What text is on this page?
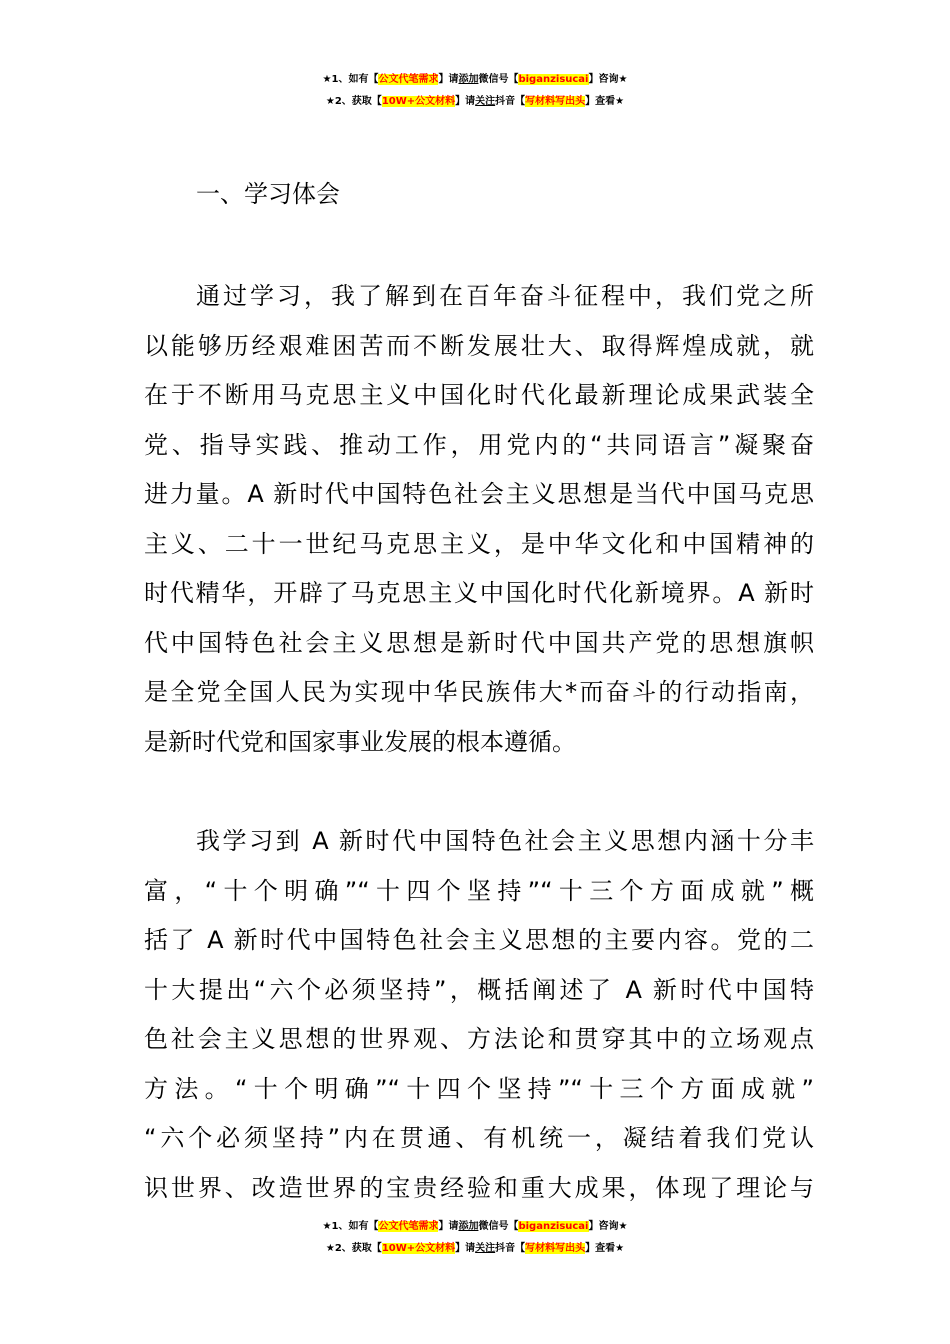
★1、如有【公文代笔需求】请添加微信号【biganzisucai】咨询★
★2、获取【10W+公文材料】请关注抖音【写材料写出头】查看★
一、学习体会
通过学习，我了解到在百年奋斗征程中，我们党之所
以能够历经艰难困苦而不断发展壮大、取得辉煌成就，就
在于不断用马克思主义中国化时代化最新理论成果武装全
党、指导实践、推动工作，用党内的“共同语言”凝聚奋
进力量。A 新时代中国特色社会主义思想是当代中国马克思
主义、二十一世纪马克思主义，是中华文化和中国精神的
时代精华，开辟了马克思主义中国化时代化新境界。A 新时
代中国特色社会主义思想是新时代中国共产党的思想旗帜
是全党全国人民为实现中华民族伟大*而奋斗的行动指南，
是新时代党和国家事业发展的根本遵循。
我学习到 A 新时代中国特色社会主义思想内涵十分丰
富，“十个明确”“十四个坚持”“十三个方面成就”概
括了 A 新时代中国特色社会主义思想的主要内容。党的二
十大提出“六个必须坚持”，概括阐述了 A 新时代中国特
色社会主义思想的世界观、方法论和贯穿其中的立场观点
方法。“十个明确”“十四个坚持”“十三个方面成就”
“六个必须坚持”内在贯通、有机统一，凝结着我们党认
识世界、改造世界的宝贵经验和重大成果，体现了理论与
★1、如有【公文代笔需求】请添加微信号【biganzisucai】咨询★
★2、获取【10W+公文材料】请关注抖音【写材料写出头】查看★
